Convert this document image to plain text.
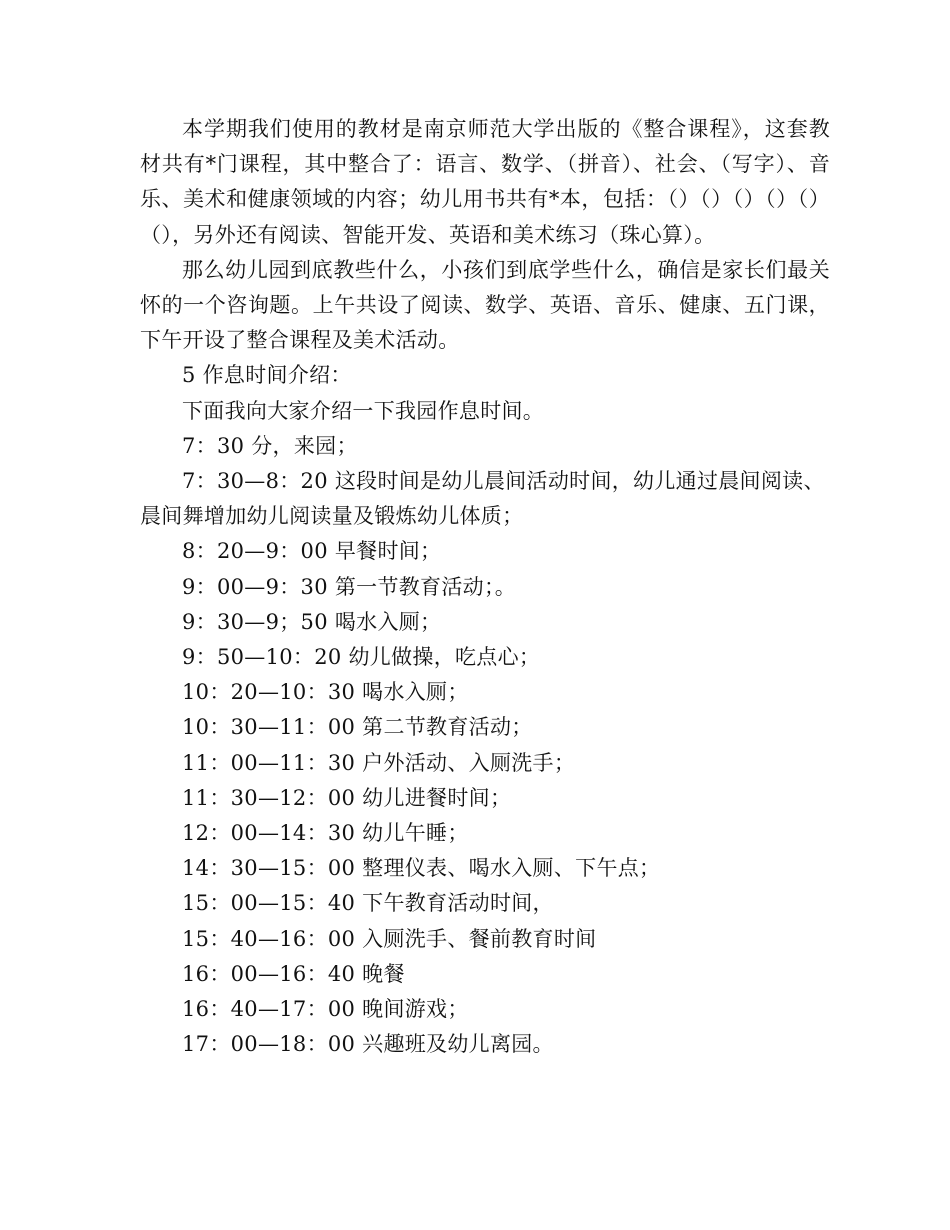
本学期我们使用的教材是南京师范大学出版的《整合课程》，这套教材共有*门课程，其中整合了：语言、数学、（拼音）、社会、（写字）、音乐、美术和健康领域的内容；幼儿用书共有*本，包括：（）（）（）（）（）（），另外还有阅读、智能开发、英语和美术练习（珠心算）。

那么幼儿园到底教些什么，小孩们到底学些什么，确信是家长们最关怀的一个咨询题。上午共设了阅读、数学、英语、音乐、健康、五门课，下午开设了整合课程及美术活动。

5 作息时间介绍：

下面我向大家介绍一下我园作息时间。

7：30 分，来园；

7：30—8：20 这段时间是幼儿晨间活动时间，幼儿通过晨间阅读、晨间舞增加幼儿阅读量及锻炼幼儿体质；

8：20—9：00 早餐时间；

9：00—9：30 第一节教育活动；。

9：30—9；50 喝水入厕；

9：50—10：20 幼儿做操，吃点心；

10：20—10：30 喝水入厕；

10：30—11：00 第二节教育活动；

11：00—11：30 户外活动、入厕洗手；

11：30—12：00 幼儿进餐时间；

12：00—14：30 幼儿午睡；

14：30—15：00 整理仪表、喝水入厕、下午点；

15：00—15：40 下午教育活动时间，

15：40—16：00 入厕洗手、餐前教育时间

16：00—16：40 晚餐

16：40—17：00 晚间游戏；

17：00—18：00 兴趣班及幼儿离园。
